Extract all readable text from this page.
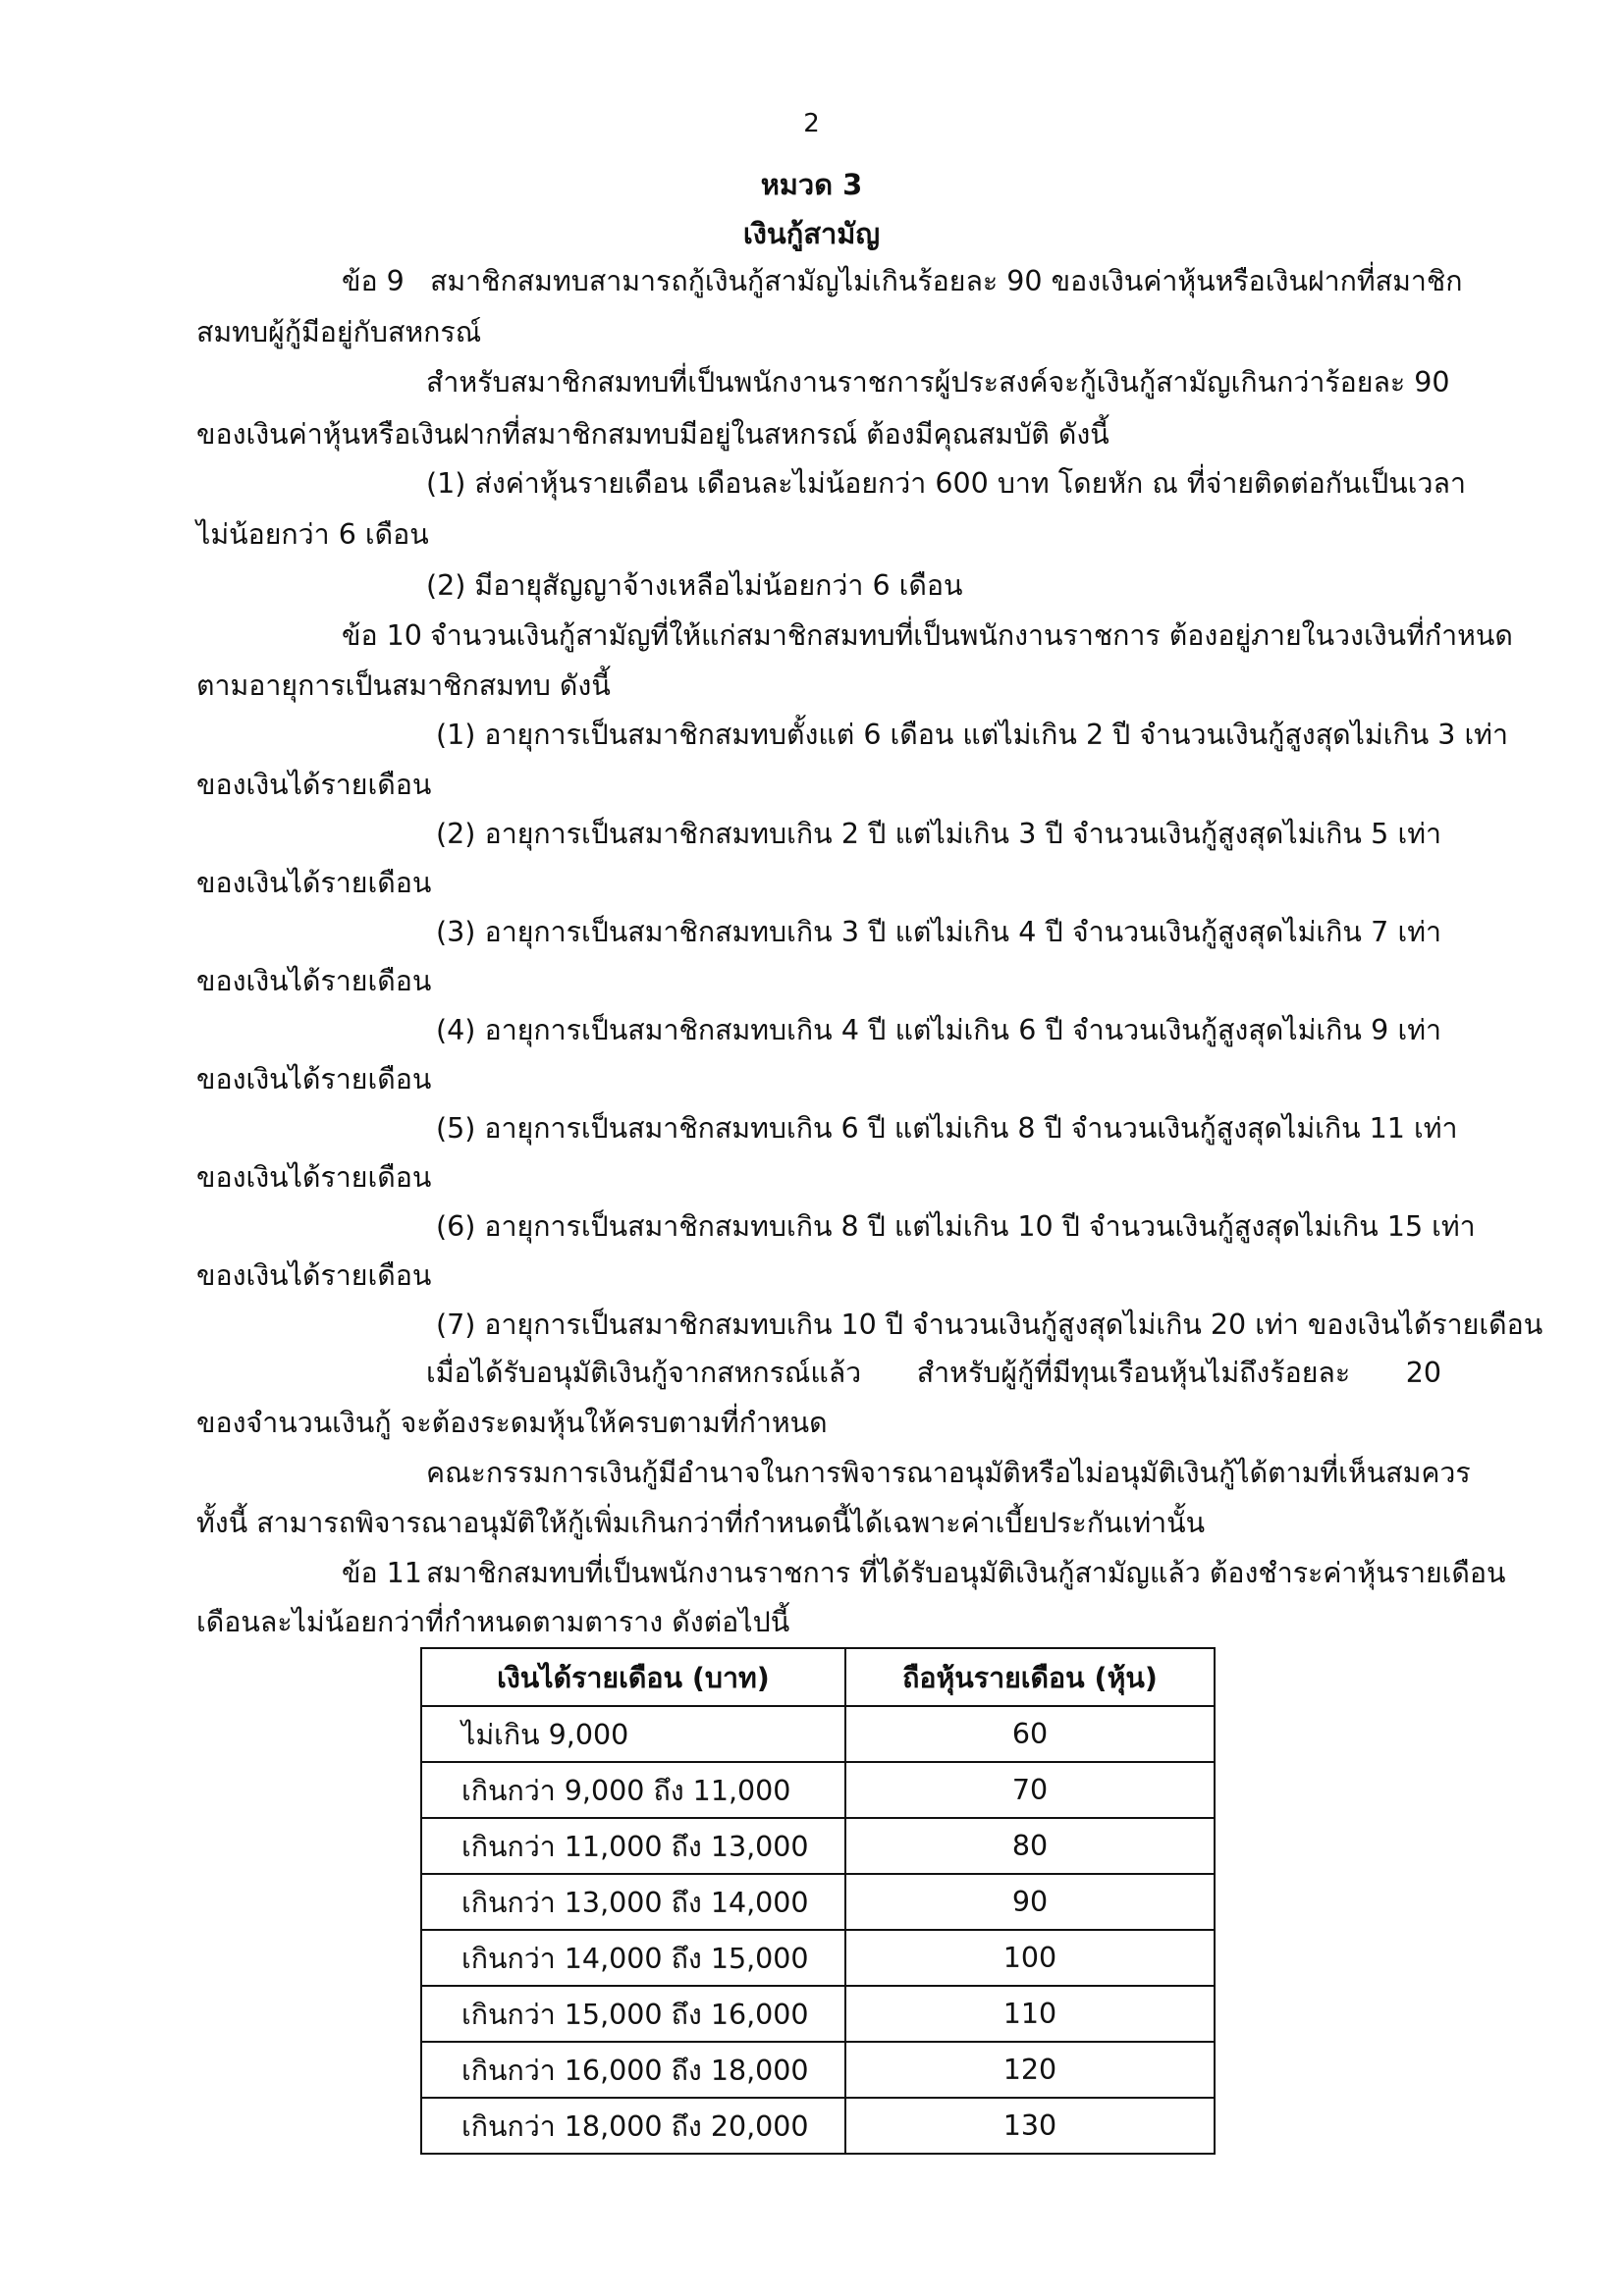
2
หมวด 3
เงินกู้สามัญ
ข้อ 9 สมาชิกสมทบสามารถกู้เงินกู้สามัญไม่เกินร้อยละ 90 ของเงินค่าหุ้นหรือเงินฝากที่สมาชิก
สมทบผู้กู้มีอยู่กับสหกรณ์
สำหรับสมาชิกสมทบที่เป็นพนักงานราชการผู้ประสงค์จะกู้เงินกู้สามัญเกินกว่าร้อยละ 90
ของเงินค่าหุ้นหรือเงินฝากที่สมาชิกสมทบมีอยู่ในสหกรณ์ ต้องมีคุณสมบัติ ดังนี้
(1) ส่งค่าหุ้นรายเดือน เดือนละไม่น้อยกว่า 600 บาท โดยหัก ณ ที่จ่ายติดต่อกันเป็นเวลา
ไม่น้อยกว่า 6 เดือน
(2) มีอายุสัญญาจ้างเหลือไม่น้อยกว่า 6 เดือน
ข้อ 10 จำนวนเงินกู้สามัญที่ให้แก่สมาชิกสมทบที่เป็นพนักงานราชการ ต้องอยู่ภายในวงเงินที่กำหนด
ตามอายุการเป็นสมาชิกสมทบ ดังนี้
(1) อายุการเป็นสมาชิกสมทบตั้งแต่ 6 เดือน แต่ไม่เกิน 2 ปี จำนวนเงินกู้สูงสุดไม่เกิน 3 เท่า
ของเงินได้รายเดือน
(2) อายุการเป็นสมาชิกสมทบเกิน 2 ปี แต่ไม่เกิน 3 ปี จำนวนเงินกู้สูงสุดไม่เกิน 5 เท่า
ของเงินได้รายเดือน
(3) อายุการเป็นสมาชิกสมทบเกิน 3 ปี แต่ไม่เกิน 4 ปี จำนวนเงินกู้สูงสุดไม่เกิน 7 เท่า
ของเงินได้รายเดือน
(4) อายุการเป็นสมาชิกสมทบเกิน 4 ปี แต่ไม่เกิน 6 ปี จำนวนเงินกู้สูงสุดไม่เกิน 9 เท่า
ของเงินได้รายเดือน
(5) อายุการเป็นสมาชิกสมทบเกิน 6 ปี แต่ไม่เกิน 8 ปี จำนวนเงินกู้สูงสุดไม่เกิน 11 เท่า
ของเงินได้รายเดือน
(6) อายุการเป็นสมาชิกสมทบเกิน 8 ปี แต่ไม่เกิน 10 ปี จำนวนเงินกู้สูงสุดไม่เกิน 15 เท่า
ของเงินได้รายเดือน
(7) อายุการเป็นสมาชิกสมทบเกิน 10 ปี จำนวนเงินกู้สูงสุดไม่เกิน 20 เท่า ของเงินได้รายเดือน
เมื่อได้รับอนุมัติเงินกู้จากสหกรณ์แล้ว สำหรับผู้กู้ที่มีทุนเรือนหุ้นไม่ถึงร้อยละ 20
ของจำนวนเงินกู้ จะต้องระดมหุ้นให้ครบตามที่กำหนด
คณะกรรมการเงินกู้มีอำนาจในการพิจารณาอนุมัติหรือไม่อนุมัติเงินกู้ได้ตามที่เห็นสมควร
ทั้งนี้ สามารถพิจารณาอนุมัติให้กู้เพิ่มเกินกว่าที่กำหนดนี้ได้เฉพาะค่าเบี้ยประกันเท่านั้น
ข้อ 11 สมาชิกสมทบที่เป็นพนักงานราชการ ที่ได้รับอนุมัติเงินกู้สามัญแล้ว ต้องชำระค่าหุ้นรายเดือน
เดือนละไม่น้อยกว่าที่กำหนดตามตาราง ดังต่อไปนี้
เงินได้รายเดือน (บาท)	ถือหุ้นรายเดือน (หุ้น)
ไม่เกิน 9,000	60
เกินกว่า 9,000 ถึง 11,000	70
เกินกว่า 11,000 ถึง 13,000	80
เกินกว่า 13,000 ถึง 14,000	90
เกินกว่า 14,000 ถึง 15,000	100
เกินกว่า 15,000 ถึง 16,000	110
เกินกว่า 16,000 ถึง 18,000	120
เกินกว่า 18,000 ถึง 20,000	130
